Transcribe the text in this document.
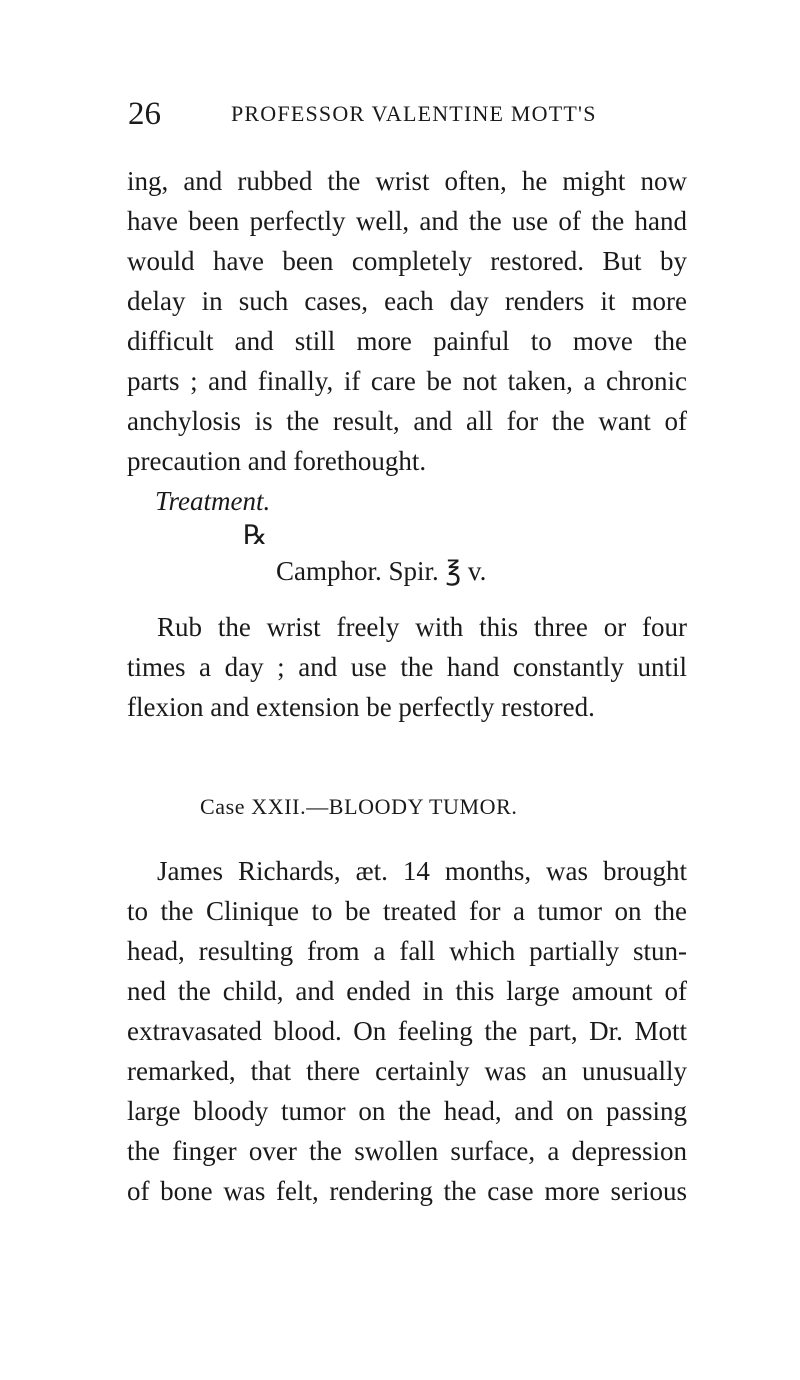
26	PROFESSOR VALENTINE MOTT'S
ing, and rubbed the wrist often, he might now
have been perfectly well, and the use of the hand
would have been completely restored. But by
delay in such cases, each day renders it more
difficult and still more painful to move the
parts ; and finally, if care be not taken, a chronic
anchylosis is the result, and all for the want of
precaution and forethought.
Treatment.
℞
Camphor. Spir. ℥ v.
Rub the wrist freely with this three or four
times a day ; and use the hand constantly until
flexion and extension be perfectly restored.
Case XXII.—BLOODY TUMOR.
James Richards, æt. 14 months, was brought
to the Clinique to be treated for a tumor on the
head, resulting from a fall which partially stun-
ned the child, and ended in this large amount of
extravasated blood. On feeling the part, Dr. Mott
remarked, that there certainly was an unusually
large bloody tumor on the head, and on passing
the finger over the swollen surface, a depression
of bone was felt, rendering the case more serious
